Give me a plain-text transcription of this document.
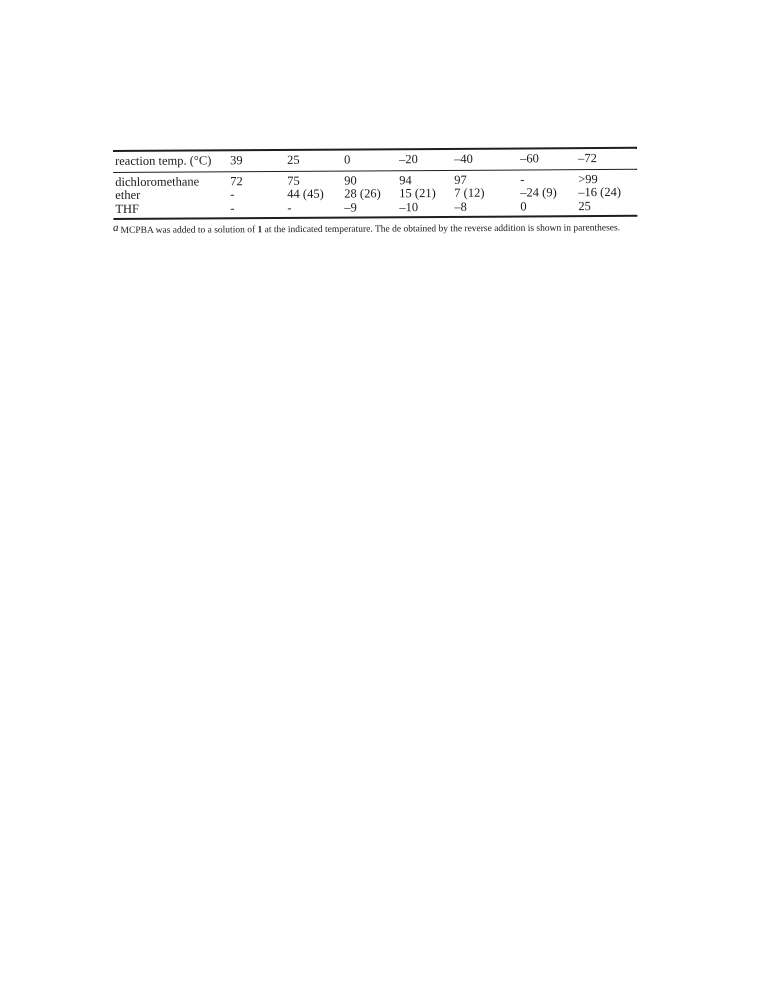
reaction temp. (°C)	39	25	0	–20	–40	–60	–72
dichloromethane	72	75	90	94	97	-	>99
ether	-	44 (45)	28 (26)	15 (21)	7 (12)	–24 (9)	–16 (24)
THF	-	-	–9	–10	–8	0	25
a MCPBA was added to a solution of 1 at the indicated temperature. The de obtained by the reverse addition is shown in parentheses.
